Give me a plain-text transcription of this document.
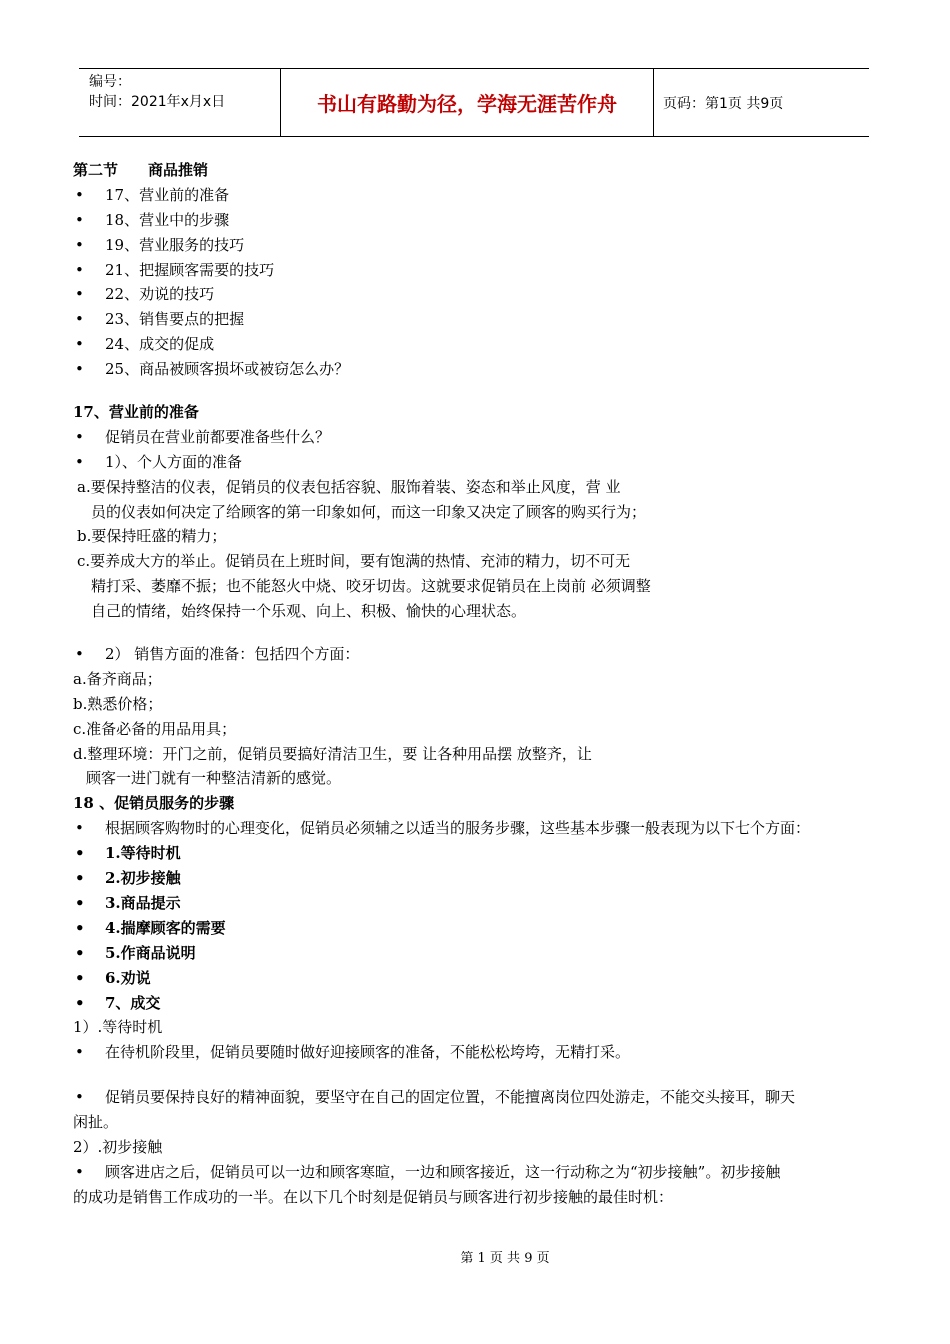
编号：
时间：2021年x月x日	书山有路勤为径，学海无涯苦作舟	页码：第1页 共9页
第二节　　商品推销
• 17、营业前的准备
• 18、营业中的步骤
• 19、营业服务的技巧
• 21、把握顾客需要的技巧
• 22、劝说的技巧
• 23、销售要点的把握
• 24、成交的促成
• 25、商品被顾客损坏或被窃怎么办？
17、营业前的准备
• 促销员在营业前都要准备些什么？
• 1）、个人方面的准备
a.要保持整洁的仪表，促销员的仪表包括容貌、服饰着装、姿态和举止风度，营 业
员的仪表如何决定了给顾客的第一印象如何，而这一印象又决定了顾客的购买行为；
b.要保持旺盛的精力；
c.要养成大方的举止。促销员在上班时间，要有饱满的热情、充沛的精力，切不可无
精打采、萎靡不振；也不能怒火中烧、咬牙切齿。这就要求促销员在上岗前 必须调整
自己的情绪，始终保持一个乐观、向上、积极、愉快的心理状态。
• 2） 销售方面的准备：包括四个方面：
a.备齐商品；
b.熟悉价格；
c.准备必备的用品用具；
d.整理环境：开门之前，促销员要搞好清洁卫生，要 让各种用品摆 放整齐，让
顾客一进门就有一种整洁清新的感觉。
18 、促销员服务的步骤
• 根据顾客购物时的心理变化，促销员必须辅之以适当的服务步骤，这些基本步骤一般表现为以下七个方面：
• 1.等待时机
• 2.初步接触
• 3.商品提示
• 4.揣摩顾客的需要
• 5.作商品说明
• 6.劝说
• 7、成交
1）.等待时机
• 在待机阶段里，促销员要随时做好迎接顾客的准备，不能松松垮垮，无精打采。
• 促销员要保持良好的精神面貌，要坚守在自己的固定位置，不能擅离岗位四处游走，不能交头接耳，聊天
闲扯。
2）.初步接触
• 顾客进店之后，促销员可以一边和顾客寒暄，一边和顾客接近，这一行动称之为“初步接触”。初步接触
的成功是销售工作成功的一半。在以下几个时刻是促销员与顾客进行初步接触的最佳时机：
第 1 页 共 9 页
